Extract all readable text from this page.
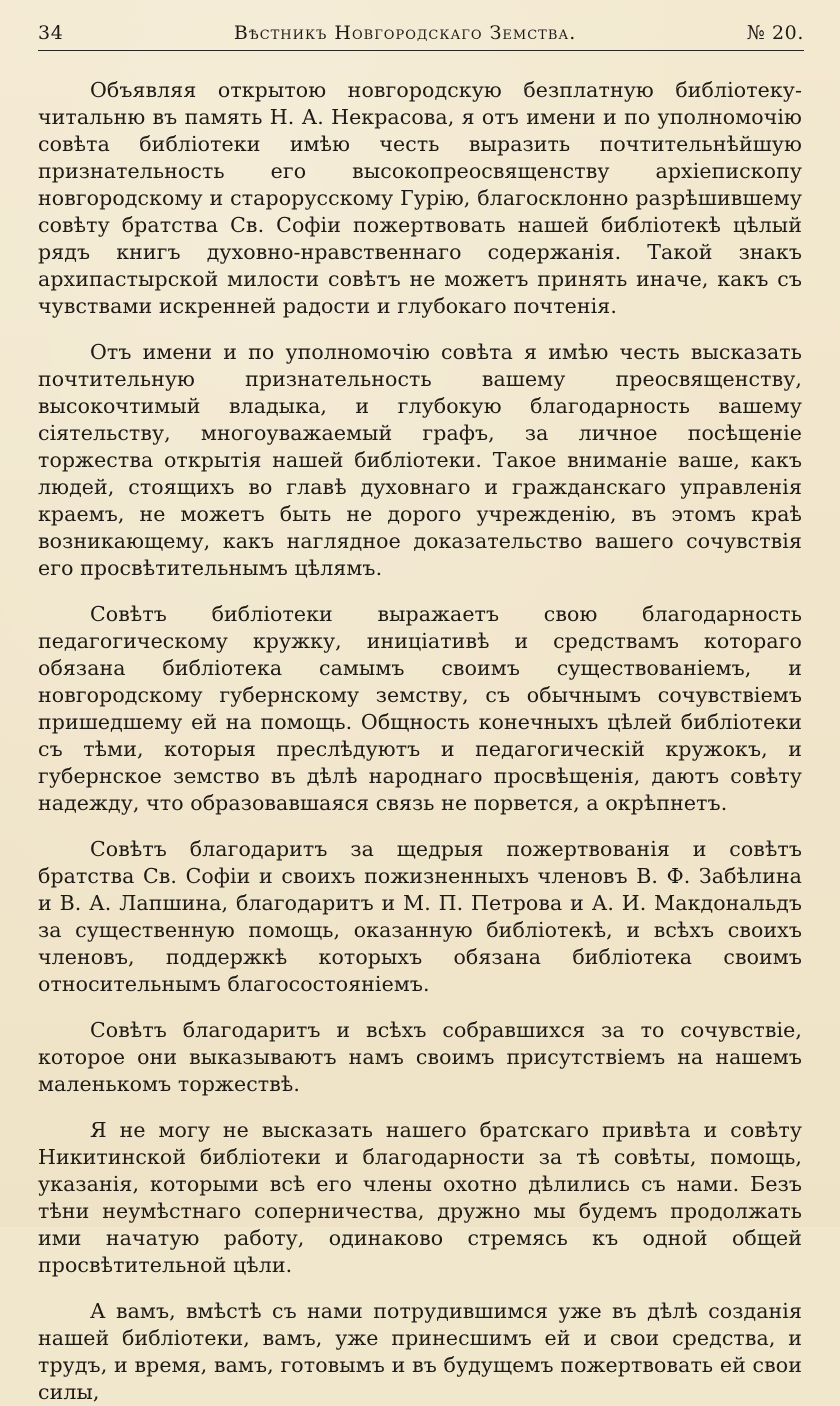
34	Вѣстникъ Новгородскаго Земства.	№ 20.

Объявляя открытою новгородскую безплатную библіотеку-читальню въ память Н. А. Некрасова, я отъ имени и по уполномочію совѣта библіотеки имѣю честь выразить почтительнѣйшую признательность его высокопреосвященству архіепископу новгородскому и старорусскому Гурію, благосклонно разрѣшившему совѣту братства Св. Софіи пожертвовать нашей библіотекѣ цѣлый рядъ книгъ духовно-нравственнаго содержанія. Такой знакъ архипастырской милости совѣтъ не можетъ принять иначе, какъ съ чувствами искренней радости и глубокаго почтенія.

Отъ имени и по уполномочію совѣта я имѣю честь высказать почтительную признательность вашему преосвященству, высокочтимый владыка, и глубокую благодарность вашему сіятельству, многоуважаемый графъ, за личное посѣщеніе торжества открытія нашей библіотеки. Такое вниманіе ваше, какъ людей, стоящихъ во главѣ духовнаго и гражданскаго управленія краемъ, не можетъ быть не дорого учрежденію, въ этомъ краѣ возникающему, какъ наглядное доказательство вашего сочувствія его просвѣтительнымъ цѣлямъ.

Совѣтъ библіотеки выражаетъ свою благодарность педагогическому кружку, иниціативѣ и средствамъ котораго обязана библіотека самымъ своимъ существованіемъ, и новгородскому губернскому земству, съ обычнымъ сочувствіемъ пришедшему ей на помощь. Общность конечныхъ цѣлей библіотеки съ тѣми, которыя преслѣдуютъ и педагогическій кружокъ, и губернское земство въ дѣлѣ народнаго просвѣщенія, даютъ совѣту надежду, что образовавшаяся связь не порвется, а окрѣпнетъ.

Совѣтъ благодаритъ за щедрыя пожертвованія и совѣтъ братства Св. Софіи и своихъ пожизненныхъ членовъ В. Ф. Забѣлина и В. А. Лапшина, благодаритъ и М. П. Петрова и А. И. Макдональдъ за существенную помощь, оказанную библіотекѣ, и всѣхъ своихъ членовъ, поддержкѣ которыхъ обязана библіотека своимъ относительнымъ благосостояніемъ.

Совѣтъ благодаритъ и всѣхъ собравшихся за то сочувствіе, которое они выказываютъ намъ своимъ присутствіемъ на нашемъ маленькомъ торжествѣ.

Я не могу не высказать нашего братскаго привѣта и совѣту Никитинской библіотеки и благодарности за тѣ совѣты, помощь, указанія, которыми всѣ его члены охотно дѣлились съ нами. Безъ тѣни неумѣстнаго соперничества, дружно мы будемъ продолжать ими начатую работу, одинаково стремясь къ одной общей просвѣтительной цѣли.

А вамъ, вмѣстѣ съ нами потрудившимся уже въ дѣлѣ созданія нашей библіотеки, вамъ, уже принесшимъ ей и свои средства, и трудъ, и время, вамъ, готовымъ и въ будущемъ пожертвовать ей свои силы,
